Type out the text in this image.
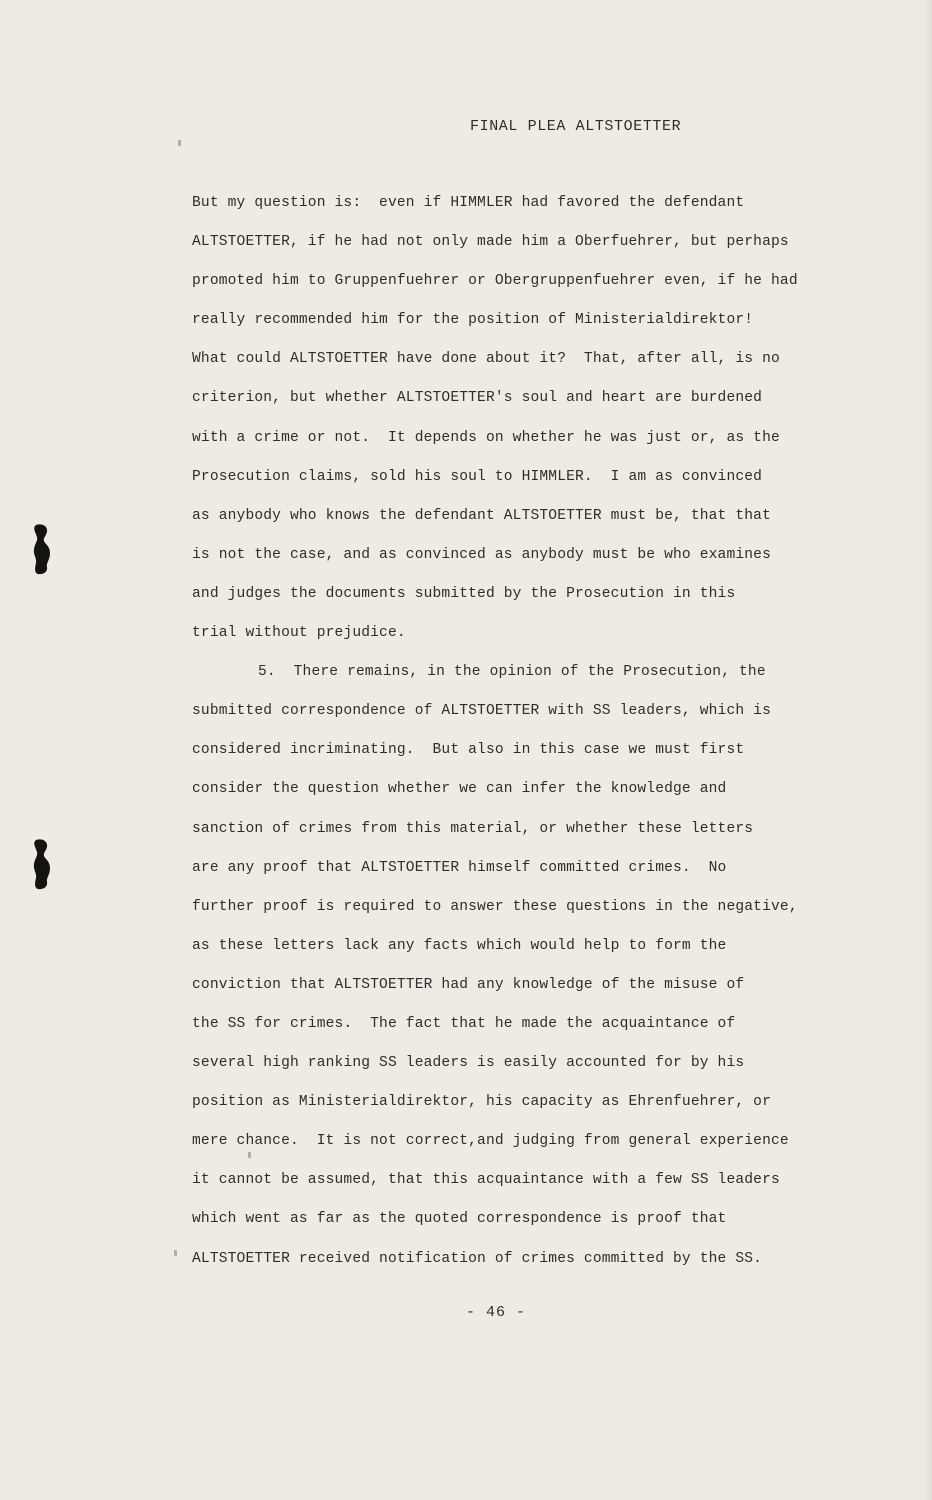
FINAL PLEA ALTSTOETTER
But my question is:  even if HIMMLER had favored the defendant
ALTSTOETTER, if he had not only made him a Oberfuehrer, but perhaps
promoted him to Gruppenfuehrer or Obergruppenfuehrer even, if he had
really recommended him for the position of Ministerialdirektor!
What could ALTSTOETTER have done about it?  That, after all, is no
criterion, but whether ALTSTOETTER's soul and heart are burdened
with a crime or not.  It depends on whether he was just or, as the
Prosecution claims, sold his soul to HIMMLER.  I am as convinced
as anybody who knows the defendant ALTSTOETTER must be, that that
is not the case, and as convinced as anybody must be who examines
and judges the documents submitted by the Prosecution in this
trial without prejudice.
5.  There remains, in the opinion of the Prosecution, the
submitted correspondence of ALTSTOETTER with SS leaders, which is
considered incriminating.  But also in this case we must first
consider the question whether we can infer the knowledge and
sanction of crimes from this material, or whether these letters
are any proof that ALTSTOETTER himself committed crimes.  No
further proof is required to answer these questions in the negative,
as these letters lack any facts which would help to form the
conviction that ALTSTOETTER had any knowledge of the misuse of
the SS for crimes.  The fact that he made the acquaintance of
several high ranking SS leaders is easily accounted for by his
position as Ministerialdirektor, his capacity as Ehrenfuehrer, or
mere chance.  It is not correct,and judging from general experience
it cannot be assumed, that this acquaintance with a few SS leaders
which went as far as the quoted correspondence is proof that
ALTSTOETTER received notification of crimes committed by the SS.
- 46 -
